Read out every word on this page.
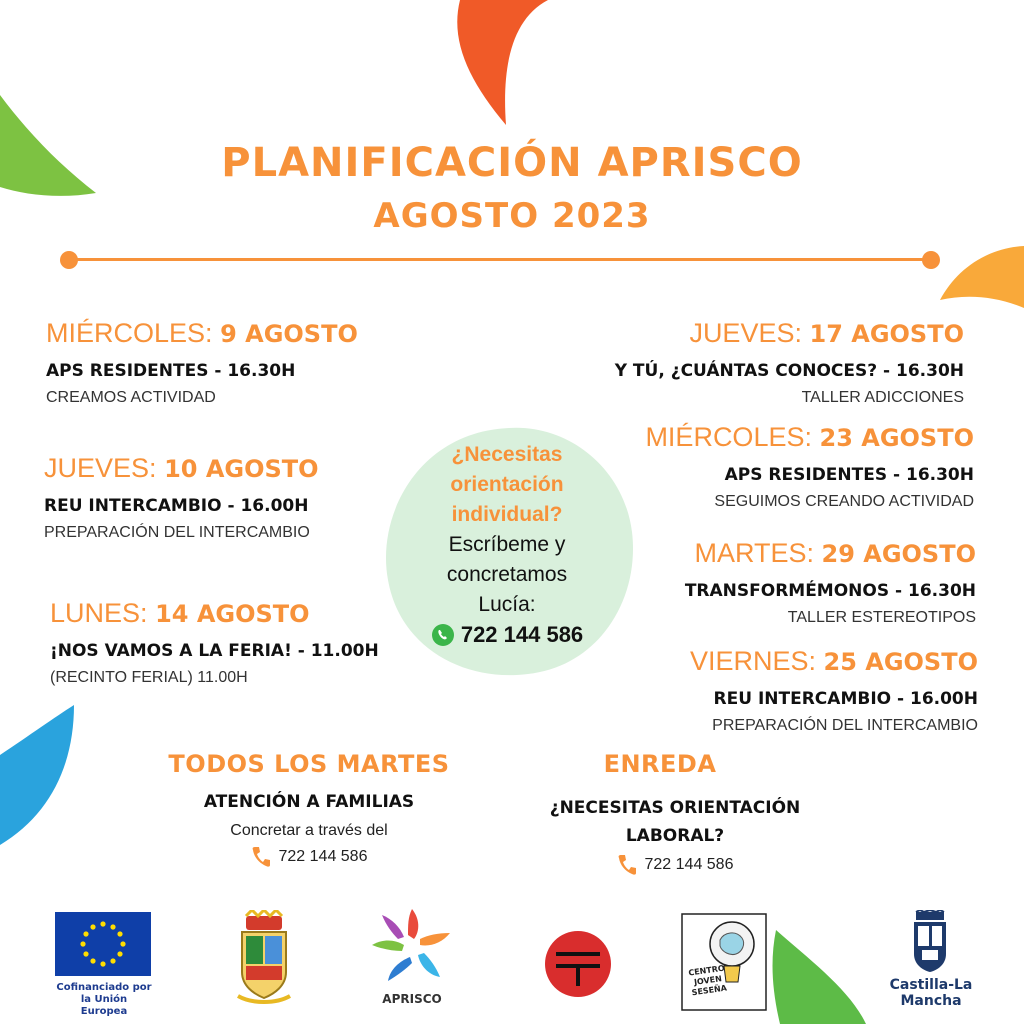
PLANIFICACIÓN APRISCO
AGOSTO 2023
MIÉRCOLES: 9 AGOSTO
APS RESIDENTES - 16.30H
CREAMOS ACTIVIDAD
JUEVES: 10 AGOSTO
REU INTERCAMBIO - 16.00H
PREPARACIÓN DEL INTERCAMBIO
LUNES: 14 AGOSTO
¡NOS VAMOS A LA FERIA! - 11.00H
(RECINTO FERIAL) 11.00H
JUEVES: 17 AGOSTO
Y TÚ, ¿CUÁNTAS CONOCES? - 16.30H
TALLER ADICCIONES
MIÉRCOLES: 23 AGOSTO
APS RESIDENTES - 16.30H
SEGUIMOS CREANDO ACTIVIDAD
MARTES: 29 AGOSTO
TRANSFORMÉMONOS - 16.30H
TALLER ESTEREOTIPOS
VIERNES: 25 AGOSTO
REU INTERCAMBIO - 16.00H
PREPARACIÓN DEL INTERCAMBIO
¿Necesitas
orientación
individual?
Escríbeme y
concretamos
Lucía:
722 144 586
TODOS LOS MARTES
ATENCIÓN A FAMILIAS
Concretar a través del
722 144 586
ENREDA
¿NECESITAS ORIENTACIÓN
LABORAL?
722 144 586
Cofinanciado por
la Unión Europea
APRISCO
CENTRO
JOVEN
SESEÑA	Castilla-La Mancha
